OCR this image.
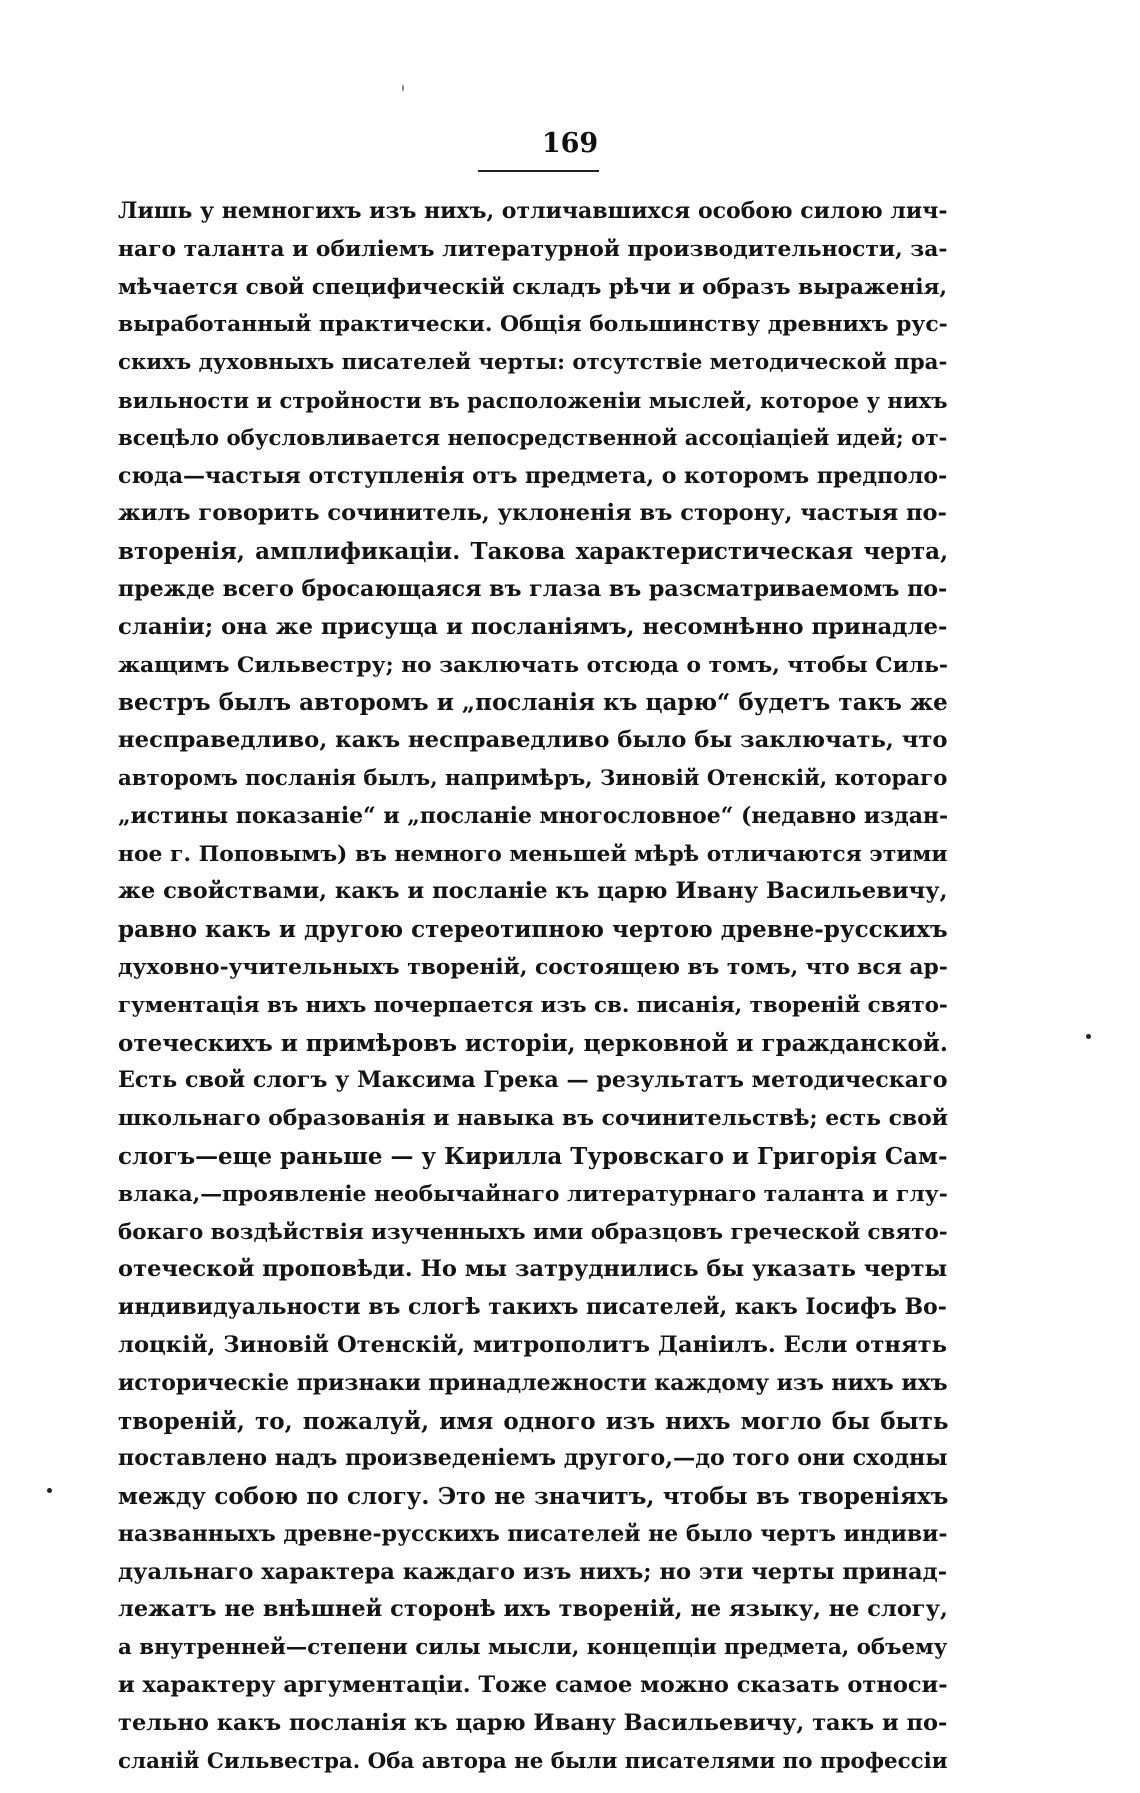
169
Лишь у немногихъ изъ нихъ, отличавшихся особою силою лич-
наго таланта и обиліемъ литературной производительности, за-
мѣчается свой специфическій складъ рѣчи и образъ выраженія,
выработанный практически. Общія большинству древнихъ рус-
скихъ духовныхъ писателей черты: отсутствіе методической пра-
вильности и стройности въ расположеніи мыслей, которое у нихъ
всецѣло обусловливается непосредственной ассоціаціей идей; от-
сюда—частыя отступленія отъ предмета, о которомъ предполо-
жилъ говорить сочинитель, уклоненія въ сторону, частыя по-
вторенія, амплификаціи. Такова характеристическая черта,
прежде всего бросающаяся въ глаза въ разсматриваемомъ по-
сланіи; она же присуща и посланіямъ, несомнѣнно принадле-
жащимъ Сильвестру; но заключать отсюда о томъ, чтобы Силь-
вестръ былъ авторомъ и „посланія къ царю“ будетъ такъ же
несправедливо, какъ несправедливо было бы заключать, что
авторомъ посланія былъ, напримѣръ, Зиновій Отенскій, котораго
„истины показаніе“ и „посланіе многословное“ (недавно издан-
ное г. Поповымъ) въ немного меньшей мѣрѣ отличаются этими
же свойствами, какъ и посланіе къ царю Ивану Васильевичу,
равно какъ и другою стереотипною чертою древне-русскихъ
духовно-учительныхъ твореній, состоящею въ томъ, что вся ар-
гументація въ нихъ почерпается изъ св. писанія, твореній свято-
отеческихъ и примѣровъ исторіи, церковной и гражданской.
Есть свой слогъ у Максима Грека — результатъ методическаго
школьнаго образованія и навыка въ сочинительствѣ; есть свой
слогъ—еще раньше — у Кирилла Туровскаго и Григорія Сам-
влака,—проявленіе необычайнаго литературнаго таланта и глу-
бокаго воздѣйствія изученныхъ ими образцовъ греческой свято-
отеческой проповѣди. Но мы затруднились бы указать черты
индивидуальности въ слогѣ такихъ писателей, какъ Іосифъ Во-
лоцкій, Зиновій Отенскій, митрополитъ Даніилъ. Если отнять
историческіе признаки принадлежности каждому изъ нихъ ихъ
твореній, то, пожалуй, имя одного изъ нихъ могло бы быть
поставлено надъ произведеніемъ другого,—до того они сходны
между собою по слогу. Это не значитъ, чтобы въ твореніяхъ
названныхъ древне-русскихъ писателей не было чертъ индиви-
дуальнаго характера каждаго изъ нихъ; но эти черты принад-
лежатъ не внѣшней сторонѣ ихъ твореній, не языку, не слогу,
а внутренней—степени силы мысли, концепціи предмета, объему
и характеру аргументаціи. Тоже самое можно сказать относи-
тельно какъ посланія къ царю Ивану Васильевичу, такъ и по-
сланій Сильвестра. Оба автора не были писателями по профессіи
